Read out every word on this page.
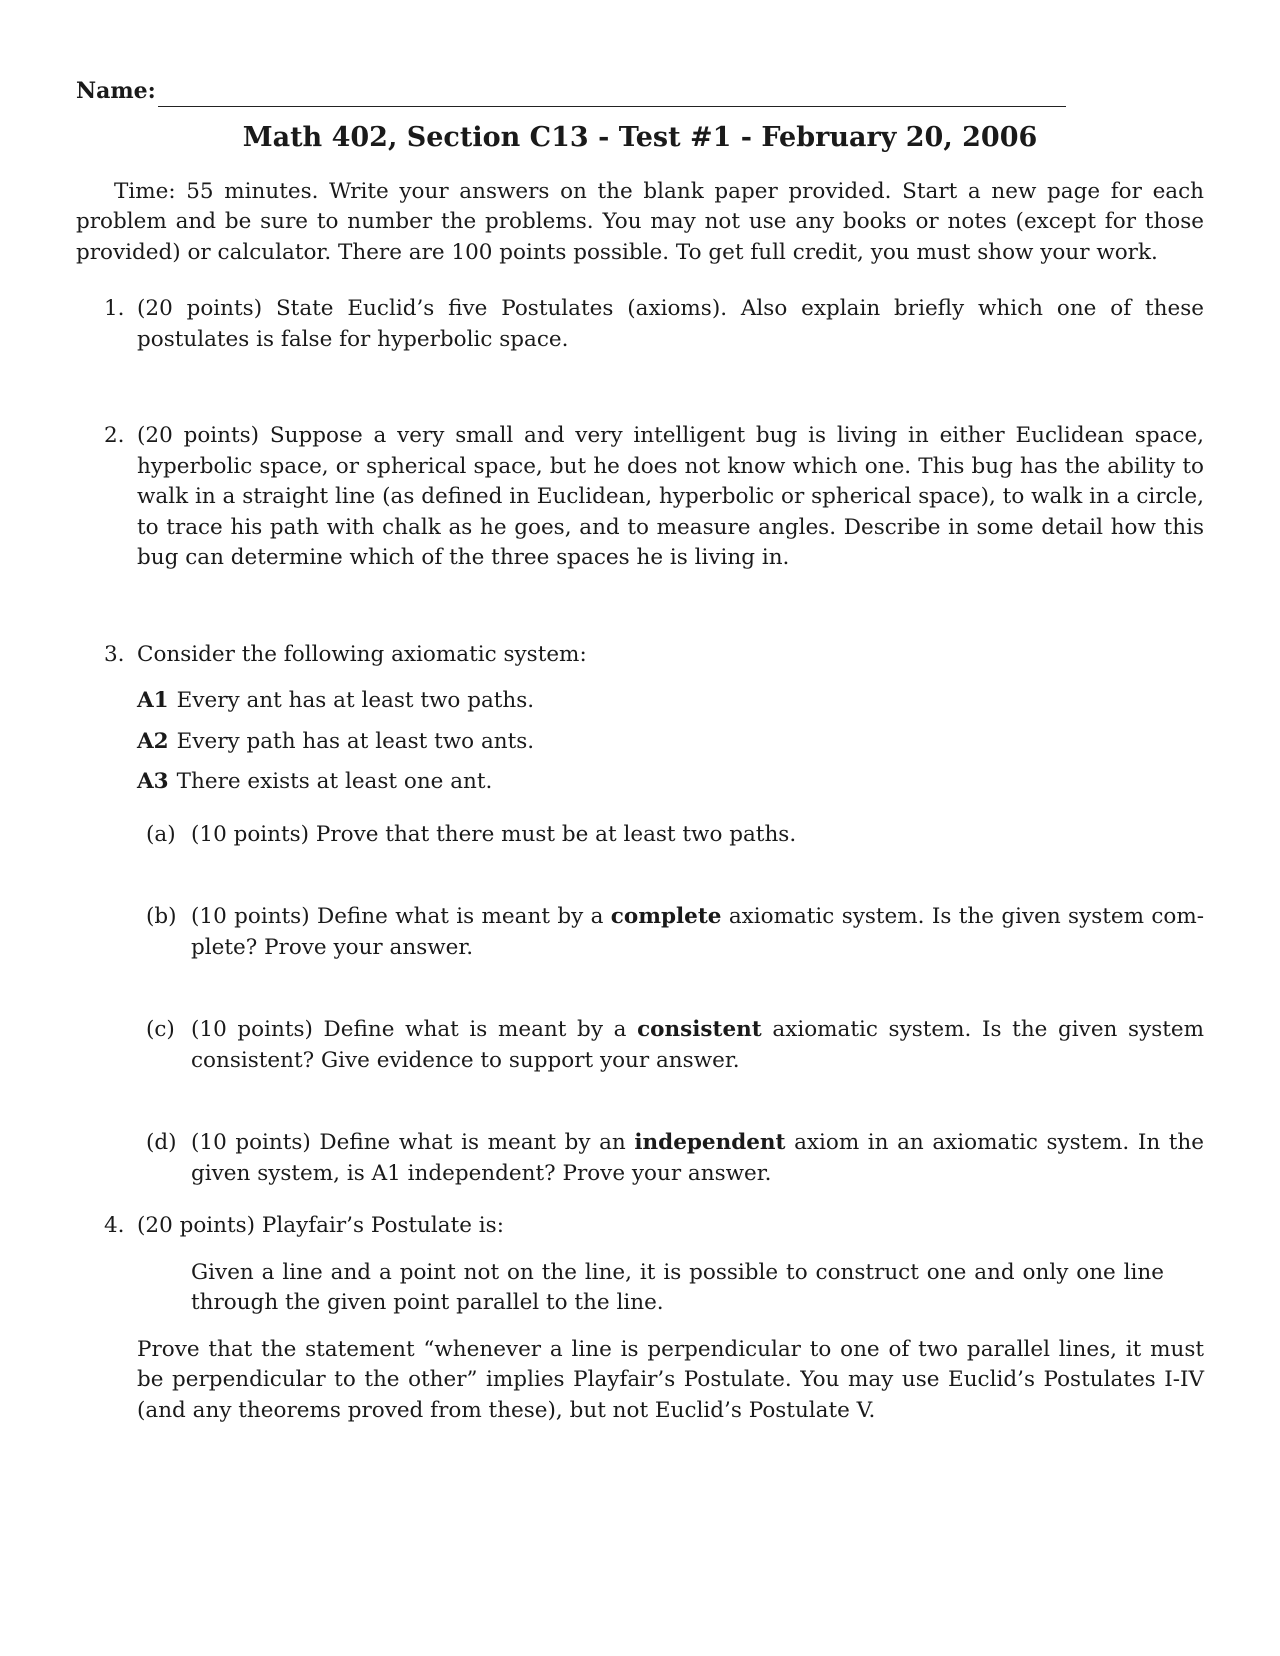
Name:
Math 402, Section C13 - Test #1 - February 20, 2006

Time: 55 minutes. Write your answers on the blank paper provided. Start a new page for each problem and be sure to number the problems. You may not use any books or notes (except for those provided) or calculator. There are 100 points possible. To get full credit, you must show your work.

1. (20 points) State Euclid’s five Postulates (axioms). Also explain briefly which one of these postulates is false for hyperbolic space.
2. (20 points) Suppose a very small and very intelligent bug is living in either Euclidean space, hyperbolic space, or spherical space, but he does not know which one. This bug has the ability to walk in a straight line (as defined in Euclidean, hyperbolic or spherical space), to walk in a circle, to trace his path with chalk as he goes, and to measure angles. Describe in some detail how this bug can determine which of the three spaces he is living in.
3. Consider the following axiomatic system:
A1 Every ant has at least two paths.
A2 Every path has at least two ants.
A3 There exists at least one ant.
(a) (10 points) Prove that there must be at least two paths.
(b) (10 points) Define what is meant by a complete axiomatic system. Is the given system com-plete? Prove your answer.
(c) (10 points) Define what is meant by a consistent axiomatic system. Is the given system consistent? Give evidence to support your answer.
(d) (10 points) Define what is meant by an independent axiom in an axiomatic system. In the given system, is A1 independent? Prove your answer.
4. (20 points) Playfair’s Postulate is:
Given a line and a point not on the line, it is possible to construct one and only one line through the given point parallel to the line.
Prove that the statement “whenever a line is perpendicular to one of two parallel lines, it must be perpendicular to the other” implies Playfair’s Postulate. You may use Euclid’s Postulates I-IV (and any theorems proved from these), but not Euclid’s Postulate V.
